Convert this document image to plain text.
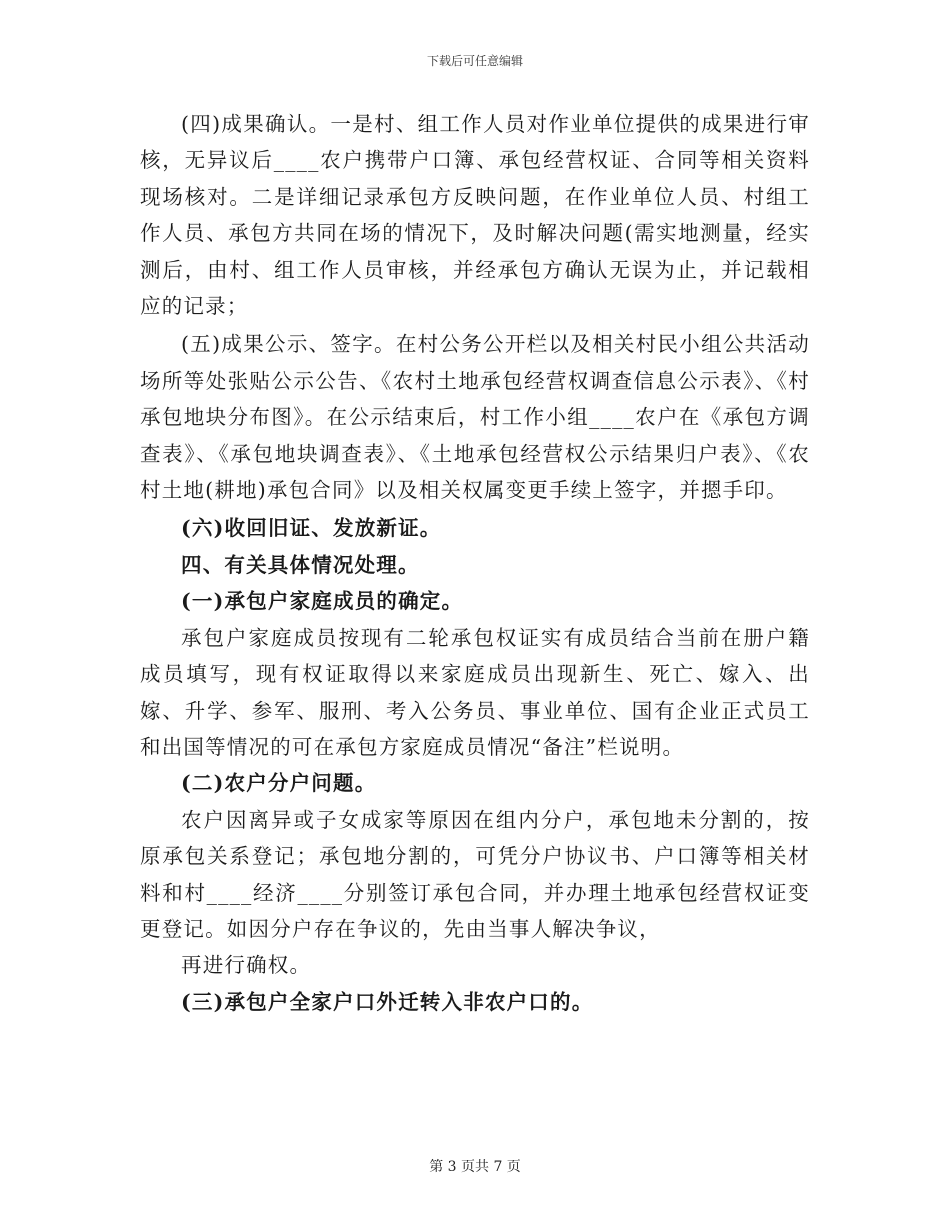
下载后可任意编辑

(四)成果确认。一是村、组工作人员对作业单位提供的成果进行审核，无异议后____农户携带户口簿、承包经营权证、合同等相关资料现场核对。二是详细记录承包方反映问题，在作业单位人员、村组工作人员、承包方共同在场的情况下，及时解决问题(需实地测量，经实测后，由村、组工作人员审核，并经承包方确认无误为止，并记载相应的记录；

(五)成果公示、签字。在村公务公开栏以及相关村民小组公共活动场所等处张贴公示公告、《农村土地承包经营权调查信息公示表》、《村承包地块分布图》。在公示结束后，村工作小组____农户在《承包方调查表》、《承包地块调查表》、《土地承包经营权公示结果归户表》、《农村土地(耕地)承包合同》以及相关权属变更手续上签字，并摁手印。

(六)收回旧证、发放新证。

四、有关具体情况处理。

(一)承包户家庭成员的确定。

承包户家庭成员按现有二轮承包权证实有成员结合当前在册户籍成员填写，现有权证取得以来家庭成员出现新生、死亡、嫁入、出嫁、升学、参军、服刑、考入公务员、事业单位、国有企业正式员工和出国等情况的可在承包方家庭成员情况“备注”栏说明。

(二)农户分户问题。

农户因离异或子女成家等原因在组内分户，承包地未分割的，按原承包关系登记；承包地分割的，可凭分户协议书、户口簿等相关材料和村____经济____分别签订承包合同，并办理土地承包经营权证变更登记。如因分户存在争议的，先由当事人解决争议，

再进行确权。

(三)承包户全家户口外迁转入非农户口的。

第 3 页共 7 页
